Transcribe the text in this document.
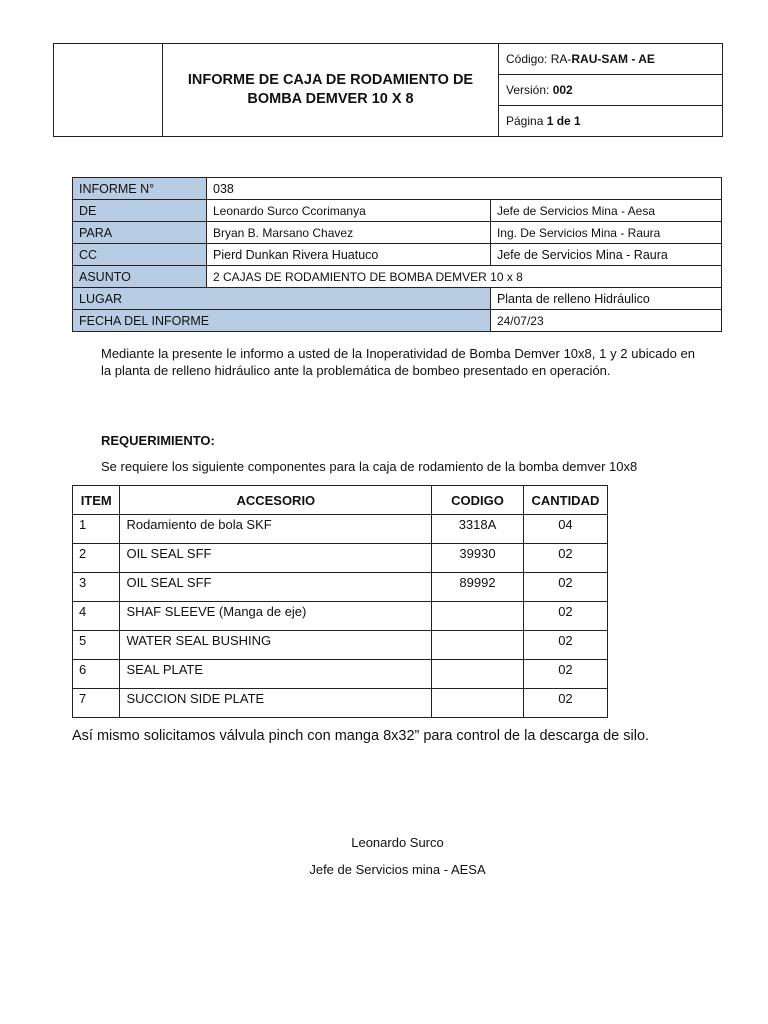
INFORME DE CAJA DE RODAMIENTO DE
BOMBA DEMVER 10 X 8
	Código: RA-RAU-SAM - AE
Versión: 002
Página 1 de 1
INFORME N°	038	
DE	Leonardo Surco Ccorimanya	Jefe de Servicios Mina - Aesa
PARA	Bryan B. Marsano Chavez	Ing. De Servicios Mina - Raura
CC	Pierd Dunkan Rivera Huatuco	Jefe de Servicios Mina - Raura
ASUNTO	2 CAJAS DE RODAMIENTO DE BOMBA DEMVER 10 x 8	
LUGAR		Planta de relleno Hidráulico
FECHA DEL INFORME		24/07/23
Mediante la presente le informo a usted de la Inoperatividad de Bomba Demver 10x8, 1 y 2 ubicado en la planta de relleno hidráulico ante la problemática de bombeo presentado en operación.
REQUERIMIENTO:
Se requiere los siguiente componentes para la caja de rodamiento de la bomba demver 10x8
ITEM	ACCESORIO	CODIGO	CANTIDAD
1	Rodamiento de bola SKF	3318A	04
2	OIL SEAL SFF	39930	02
3	OIL SEAL SFF	89992	02
4	SHAF SLEEVE (Manga de eje)		02
5	WATER SEAL BUSHING		02
6	SEAL PLATE		02
7	SUCCION SIDE PLATE		02
Así mismo solicitamos válvula pinch con manga 8x32” para control de la descarga de silo.
Leonardo Surco
Jefe de Servicios mina - AESA
